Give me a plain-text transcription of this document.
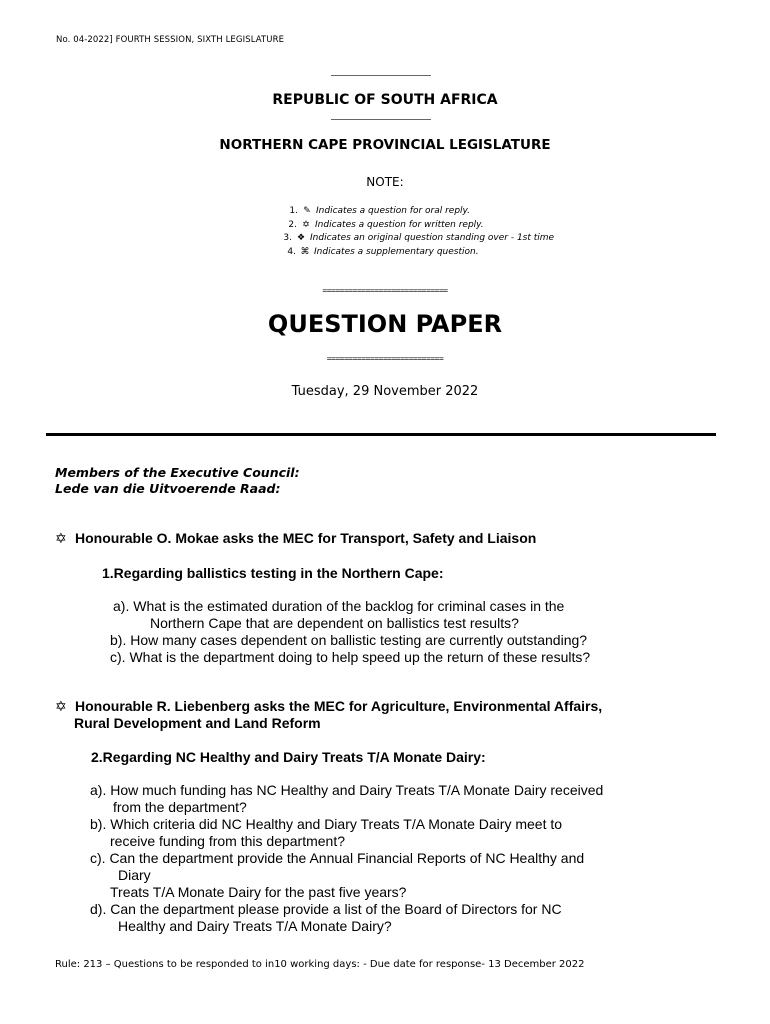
No. 04-2022] FOURTH SESSION, SIXTH LEGISLATURE
REPUBLIC OF SOUTH AFRICA
NORTHERN CAPE PROVINCIAL LEGISLATURE
NOTE:
1. ✎ Indicates a question for oral reply.
2. ✡ Indicates a question for written reply.
3. ❖ Indicates an original question standing over - 1st time
4. ⌘ Indicates a supplementary question.
=============================
QUESTION PAPER
===========================
Tuesday, 29 November 2022
Members of the Executive Council:
Lede van die Uitvoerende Raad:
✡ Honourable O. Mokae asks the MEC for Transport, Safety and Liaison
1.Regarding ballistics testing in the Northern Cape:
a). What is the estimated duration of the backlog for criminal cases in the
Northern Cape that are dependent on ballistics test results?
b). How many cases dependent on ballistic testing are currently outstanding?
c). What is the department doing to help speed up the return of these results?
✡ Honourable R. Liebenberg asks the MEC for Agriculture, Environmental Affairs,
Rural Development and Land Reform
2.Regarding NC Healthy and Dairy Treats T/A Monate Dairy:
a). How much funding has NC Healthy and Dairy Treats T/A Monate Dairy received
from the department?
b). Which criteria did NC Healthy and Diary Treats T/A Monate Dairy meet to
receive funding from this department?
c). Can the department provide the Annual Financial Reports of NC Healthy and
Diary
Treats T/A Monate Dairy for the past five years?
d). Can the department please provide a list of the Board of Directors for NC
Healthy and Dairy Treats T/A Monate Dairy?
Rule: 213 – Questions to be responded to in10 working days: - Due date for response- 13 December 2022
